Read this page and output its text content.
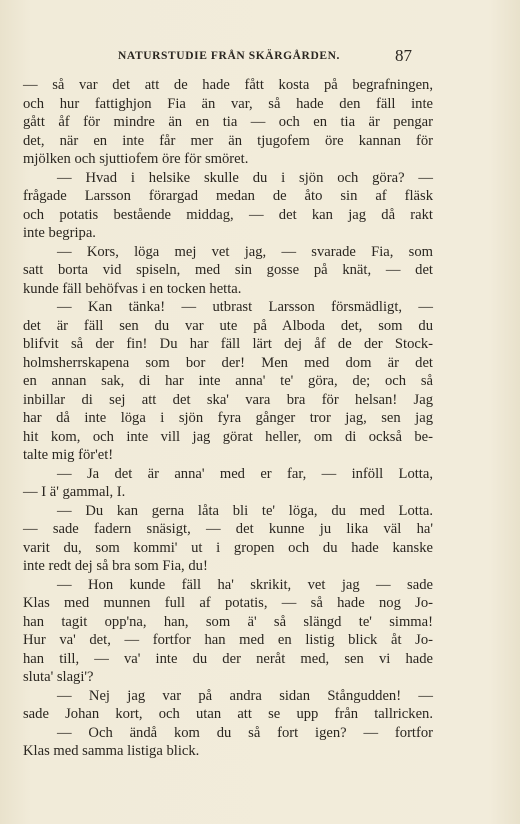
NATURSTUDIE FRÅN SKÄRGÅRDEN.	87
— så var det att de hade fått kosta på begrafningen,
och hur fattighjon Fia än var, så hade den fäll inte
gått åf för mindre än en tia — och en tia är pengar
det, när en inte får mer än tjugofem öre kannan för
mjölken och sjuttiofem öre för smöret.
— Hvad i helsike skulle du i sjön och göra? —
frågade Larsson förargad medan de åto sin af fläsk
och potatis bestående middag, — det kan jag då rakt
inte begripa.
— Kors, löga mej vet jag, — svarade Fia, som
satt borta vid spiseln, med sin gosse på knät, — det
kunde fäll behöfvas i en tocken hetta.
— Kan tänka! — utbrast Larsson försmädligt, —
det är fäll sen du var ute på Alboda det, som du
blifvit så der fin! Du har fäll lärt dej åf de der Stock-
holmsherrskapena som bor der! Men med dom är det
en annan sak, di har inte anna' te' göra, de; och så
inbillar di sej att det ska' vara bra för helsan! Jag
har då inte löga i sjön fyra gånger tror jag, sen jag
hit kom, och inte vill jag görat heller, om di också be-
talte mig för'et!
— Ja det är anna' med er far, — inföll Lotta,
— I ä' gammal, I.
— Du kan gerna låta bli te' löga, du med Lotta.
— sade fadern snäsigt, — det kunne ju lika väl ha'
varit du, som kommi' ut i gropen och du hade kanske
inte redt dej så bra som Fia, du!
— Hon kunde fäll ha' skrikit, vet jag — sade
Klas med munnen full af potatis, — så hade nog Jo-
han tagit opp'na, han, som ä' så slängd te' simma!
Hur va' det, — fortfor han med en listig blick åt Jo-
han till, — va' inte du der neråt med, sen vi hade
sluta' slagi'?
— Nej jag var på andra sidan Stångudden! —
sade Johan kort, och utan att se upp från tallricken.
— Och ändå kom du så fort igen? — fortfor
Klas med samma listiga blick.
